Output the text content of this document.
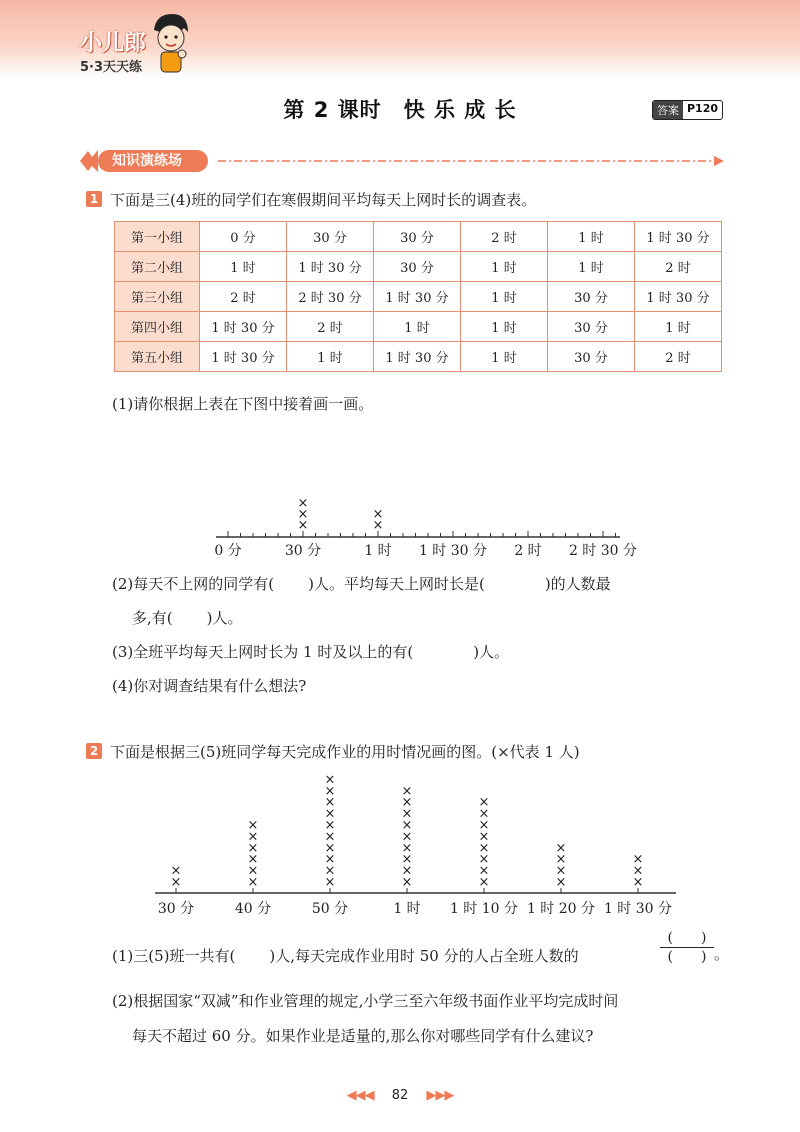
小儿郎
5·3天天练
第 2 课时　快 乐 成 长	答案 P120
知识演练场
1 下面是三(4)班的同学们在寒假期间平均每天上网时长的调查表。
第一小组	0 分	30 分	30 分	2 时	1 时	1 时 30 分
第二小组	1 时	1 时 30 分	30 分	1 时	1 时	2 时
第三小组	2 时	2 时 30 分	1 时 30 分	1 时	30 分	1 时 30 分
第四小组	1 时 30 分	2 时	1 时	1 时	30 分	1 时
第五小组	1 时 30 分	1 时	1 时 30 分	1 时	30 分	2 时
(1)请你根据上表在下图中接着画一画。
0 分	30 分	1 时 1 时 30 分 2 时 2 时 30 分
×
×
×
×
×
(2)每天不上网的同学有( )人。平均每天上网时长是(	)的人数最
多,有( )人。
(3)全班平均每天上网时长为 1 时及以上的有(	)人。
(4)你对调查结果有什么想法?
2 下面是根据三(5)班同学每天完成作业的用时情况画的图。(×代表 1 人)
30 分
×
×
40 分
×
×
×
×
×
×
50 分
×
×
×
×
×
×
×
×
×
×
1 时
×
×
×
×
×
×
×
×
×
1 时 10 分
×
×
×
×
×
×
×
×
1 时 20 分
×
×
×
×
1 时 30 分
×
×
×
(1)三(5)班一共有( )人,每天完成作业用时 50 分的人占全班人数的
(　　)
(　　) 。
(2)根据国家“双减”和作业管理的规定,小学三至六年级书面作业平均完成时间
每天不超过 60 分。如果作业是适量的,那么你对哪些同学有什么建议?
◀◀◀ 82 ▶▶▶
